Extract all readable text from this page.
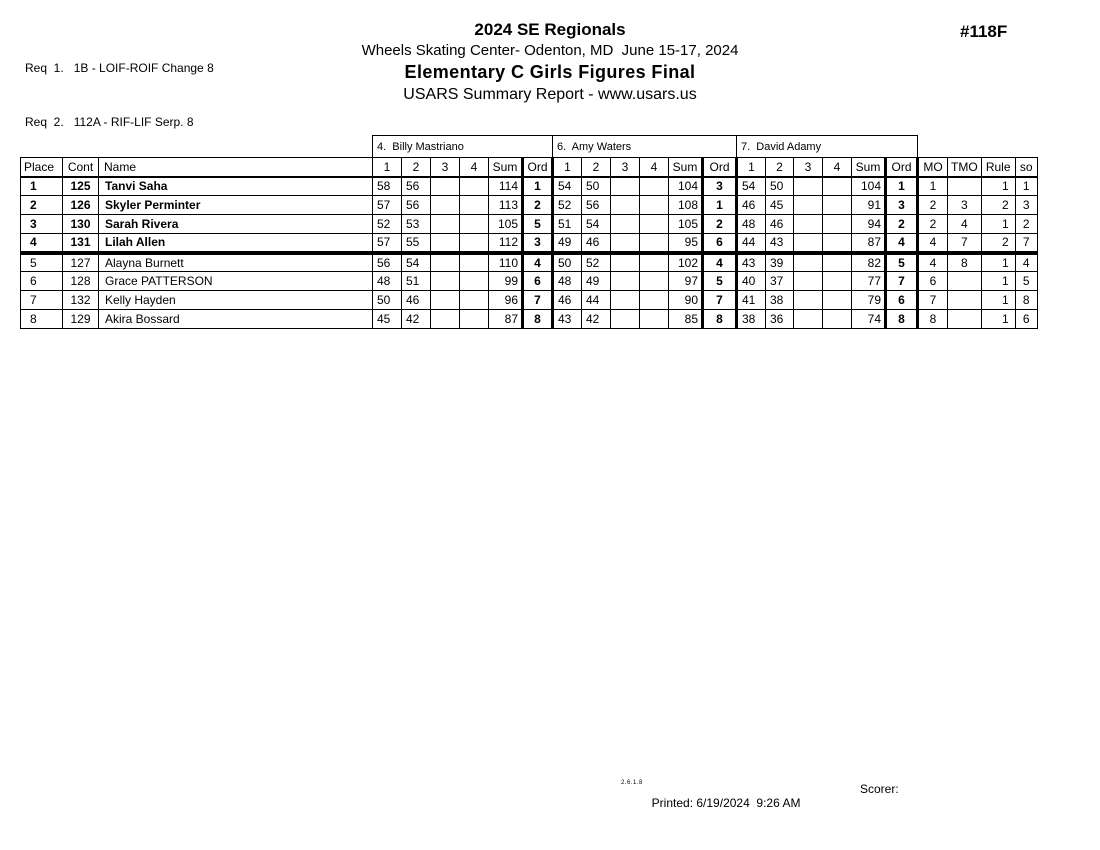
Req  1.   1B - LOIF-ROIF Change 8

Req  2.   112A - RIF-LIF Serp. 8

2024 SE Regionals
Wheels Skating Center- Odenton, MD  June 15-17, 2024
Elementary C Girls Figures Final
USARS Summary Report - www.usars.us
#118F
			4.  Billy Mastriano						6.  Amy Waters						7.  David Adamy									
Place	Cont	Name	1	2	3	4	Sum	Ord	1	2	3	4	Sum	Ord	1	2	3	4	Sum	Ord	MO	TMO	Rule	so
1	125	Tanvi Saha	58	56			114	1	54	50			104	3	54	50			104	1	1		1	1
2	126	Skyler Perminter	57	56			113	2	52	56			108	1	46	45			91	3	2	3	2	3
3	130	Sarah Rivera	52	53			105	5	51	54			105	2	48	46			94	2	2	4	1	2
4	131	Lilah Allen	57	55			112	3	49	46			95	6	44	43			87	4	4	7	2	7
5	127	Alayna Burnett	56	54			110	4	50	52			102	4	43	39			82	5	4	8	1	4
6	128	Grace PATTERSON	48	51			99	6	48	49			97	5	40	37			77	7	6		1	5
7	132	Kelly Hayden	50	46			96	7	46	44			90	7	41	38			79	6	7		1	8
8	129	Akira Bossard	45	42			87	8	43	42			85	8	38	36			74	8	8		1	6
2.6.1.8

Printed: 6/19/2024  9:26 AM

Scorer:
